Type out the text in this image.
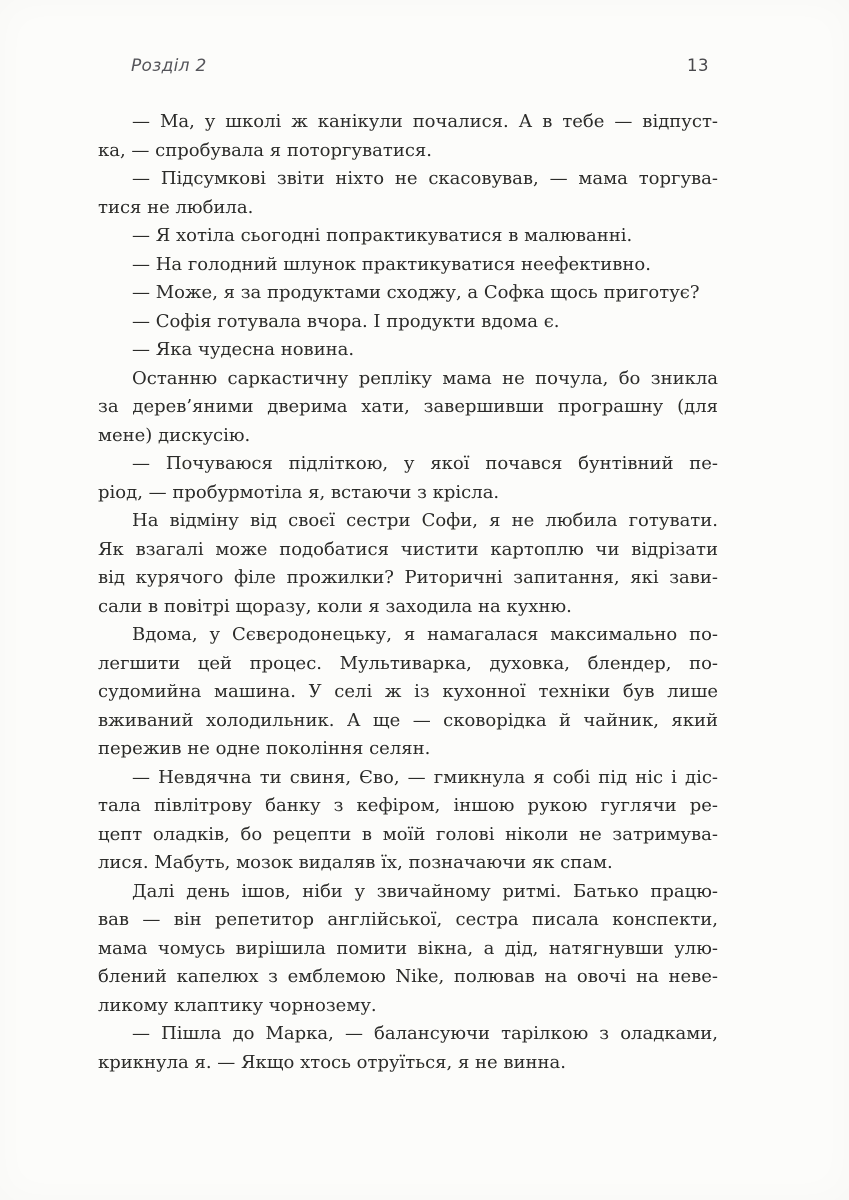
Розділ 2	13

— Ма, у школі ж канікули почалися. А в тебе — відпуст-
ка, — спробувала я поторгуватися.

— Підсумкові звіти ніхто не скасовував, — мама торгува-
тися не любила.

— Я хотіла сьогодні попрактикуватися в малюванні.

— На голодний шлунок практикуватися неефективно.

— Може, я за продуктами сходжу, а Софка щось приготує?

— Софія готувала вчора. І продукти вдома є.

— Яка чудесна новина.

Останню саркастичну репліку мама не почула, бо зникла
за дерев’яними дверима хати, завершивши програшну (для
мене) дискусію.

— Почуваюся підліткою, у якої почався бунтівний пе-
ріод, — пробурмотіла я, встаючи з крісла.

На відміну від своєї сестри Софи, я не любила готувати.
Як взагалі може подобатися чистити картоплю чи відрізати
від курячого філе прожилки? Риторичні запитання, які зави-
сали в повітрі щоразу, коли я заходила на кухню.

Вдома, у Сєвєродонецьку, я намагалася максимально по-
легшити цей процес. Мультиварка, духовка, блендер, по-
судомийна машина. У селі ж із кухонної техніки був лише
вживаний холодильник. А ще — сковорідка й чайник, який
пережив не одне покоління селян.

— Невдячна ти свиня, Єво, — гмикнула я собі під ніс і діс-
тала півлітрову банку з кефіром, іншою рукою гуглячи ре-
цепт оладків, бо рецепти в моїй голові ніколи не затримува-
лися. Мабуть, мозок видаляв їх, позначаючи як спам.

Далі день ішов, ніби у звичайному ритмі. Батько працю-
вав — він репетитор англійської, сестра писала конспекти,
мама чомусь вирішила помити вікна, а дід, натягнувши улю-
блений капелюх з емблемою Nike, полював на овочі на неве-
ликому клаптику чорнозему.

— Пішла до Марка, — балансуючи тарілкою з оладками,
крикнула я. — Якщо хтось отруїться, я не винна.
